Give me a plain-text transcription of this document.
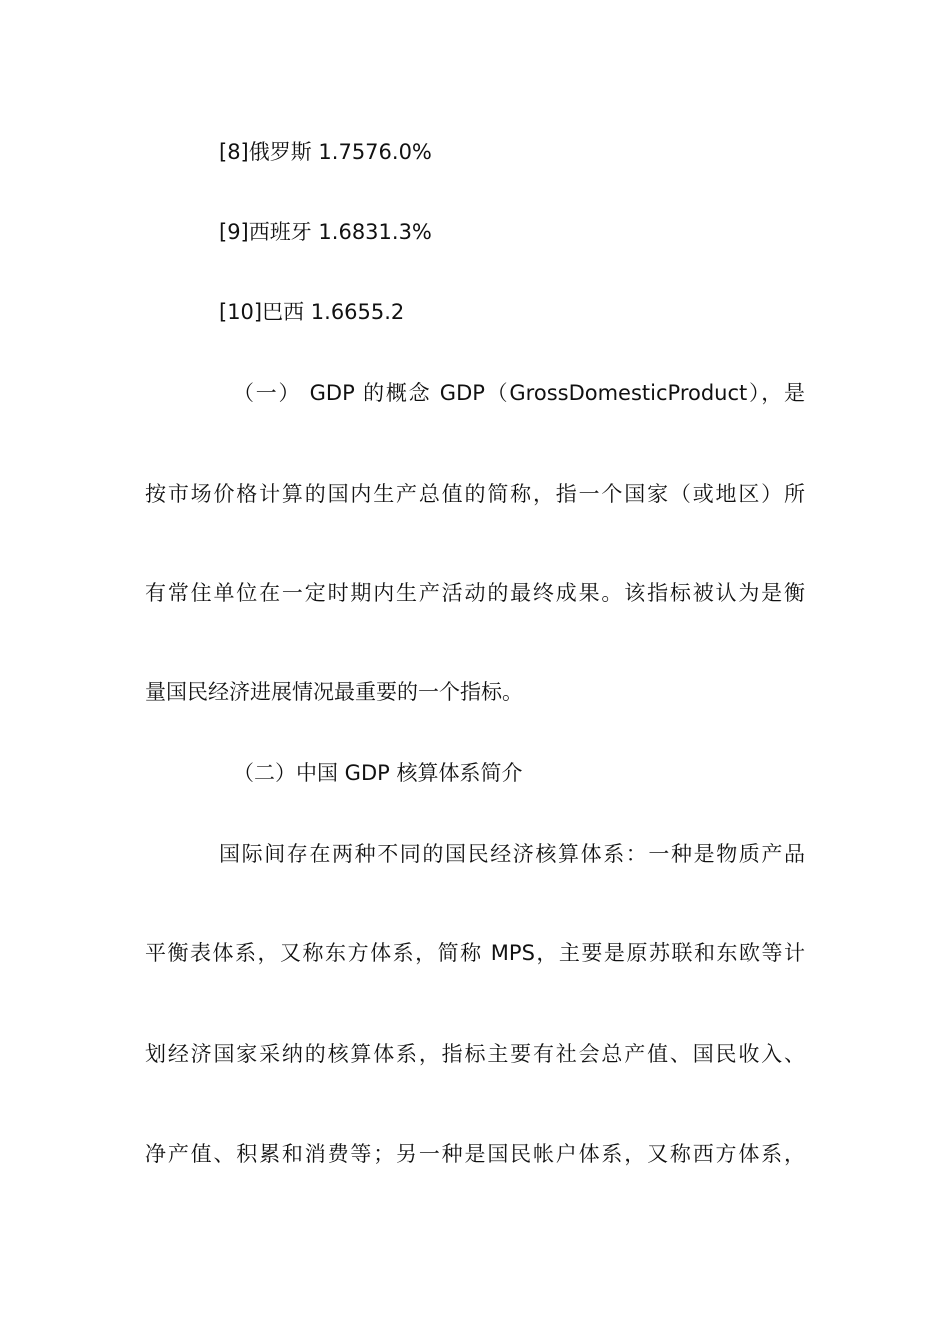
[8]俄罗斯 1.7576.0%
[9]西班牙 1.6831.3%
[10]巴西 1.6655.2
（一） GDP 的概念 GDP（GrossDomesticProduct），是
按市场价格计算的国内生产总值的简称，指一个国家（或地区）所
有常住单位在一定时期内生产活动的最终成果。该指标被认为是衡
量国民经济进展情况最重要的一个指标。
（二）中国 GDP 核算体系简介
国际间存在两种不同的国民经济核算体系：一种是物质产品
平衡表体系，又称东方体系，简称 MPS，主要是原苏联和东欧等计
划经济国家采纳的核算体系，指标主要有社会总产值、国民收入、
净产值、积累和消费等；另一种是国民帐户体系，又称西方体系，
